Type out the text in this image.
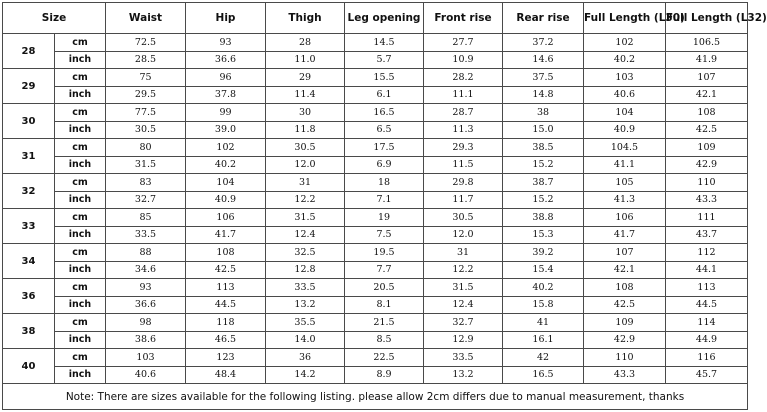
Size		Waist	Hip	Thigh	Leg opening	Front rise	Rear rise	Full Length (L30)	Full Length (L32)
28	cm	72.5	93	28	14.5	27.7	37.2	102	106.5
	inch	28.5	36.6	11.0	5.7	10.9	14.6	40.2	41.9
29	cm	75	96	29	15.5	28.2	37.5	103	107
	inch	29.5	37.8	11.4	6.1	11.1	14.8	40.6	42.1
30	cm	77.5	99	30	16.5	28.7	38	104	108
	inch	30.5	39.0	11.8	6.5	11.3	15.0	40.9	42.5
31	cm	80	102	30.5	17.5	29.3	38.5	104.5	109
	inch	31.5	40.2	12.0	6.9	11.5	15.2	41.1	42.9
32	cm	83	104	31	18	29.8	38.7	105	110
	inch	32.7	40.9	12.2	7.1	11.7	15.2	41.3	43.3
33	cm	85	106	31.5	19	30.5	38.8	106	111
	inch	33.5	41.7	12.4	7.5	12.0	15.3	41.7	43.7
34	cm	88	108	32.5	19.5	31	39.2	107	112
	inch	34.6	42.5	12.8	7.7	12.2	15.4	42.1	44.1
36	cm	93	113	33.5	20.5	31.5	40.2	108	113
	inch	36.6	44.5	13.2	8.1	12.4	15.8	42.5	44.5
38	cm	98	118	35.5	21.5	32.7	41	109	114
	inch	38.6	46.5	14.0	8.5	12.9	16.1	42.9	44.9
40	cm	103	123	36	22.5	33.5	42	110	116
	inch	40.6	48.4	14.2	8.9	13.2	16.5	43.3	45.7
Note: There are sizes available for the following listing. please allow 2cm differs due to manual measurement, thanks									
